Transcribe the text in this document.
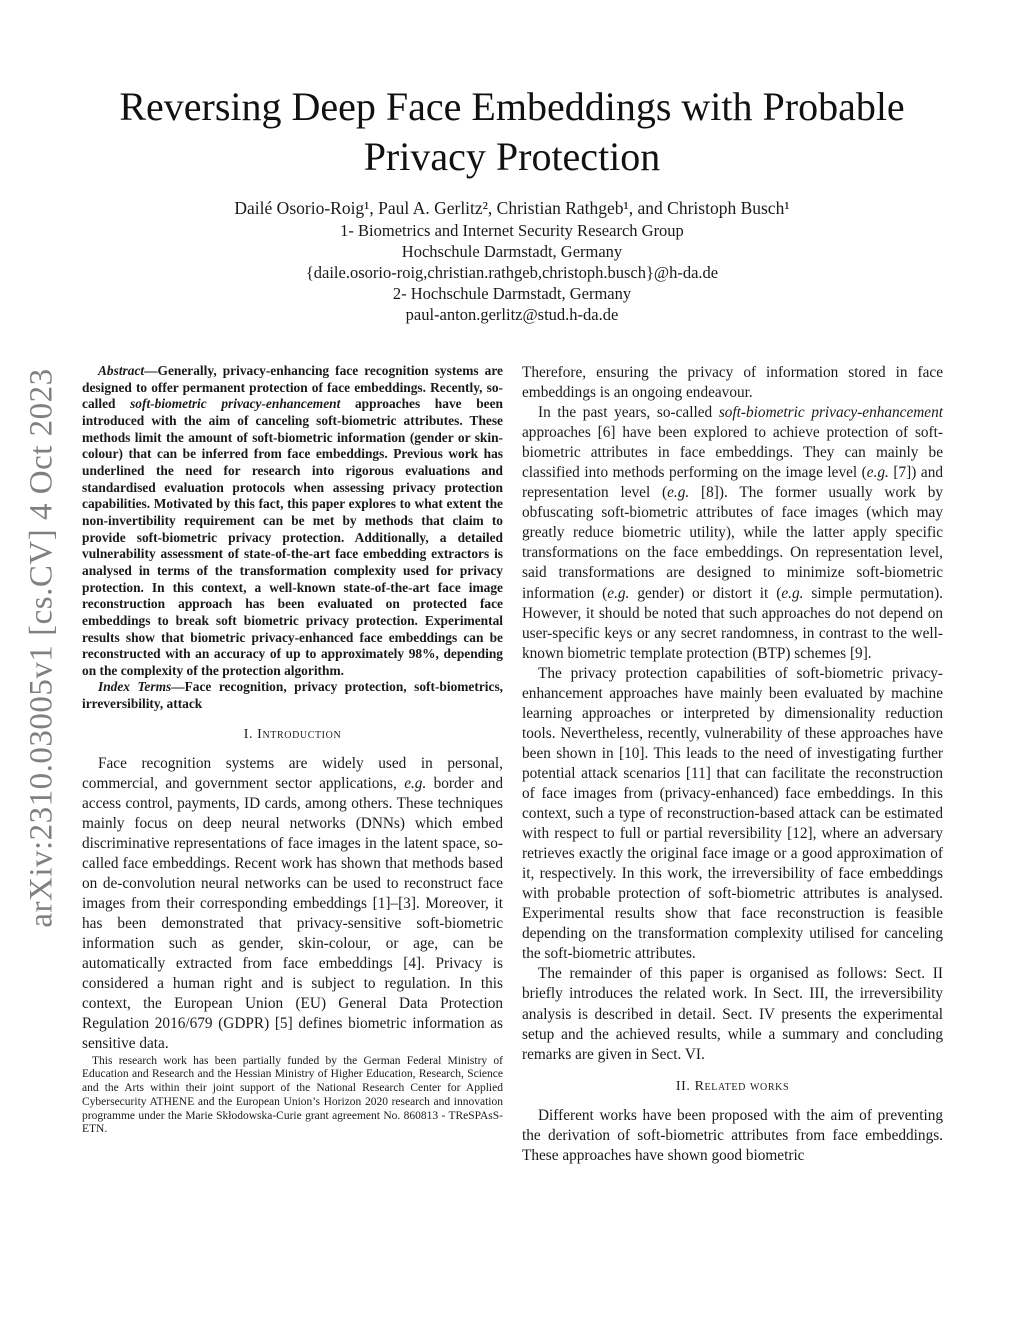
arXiv:2310.03005v1 [cs.CV] 4 Oct 2023
Reversing Deep Face Embeddings with Probable
Privacy Protection
Dailé Osorio-Roig¹, Paul A. Gerlitz², Christian Rathgeb¹, and Christoph Busch¹
1- Biometrics and Internet Security Research Group
Hochschule Darmstadt, Germany
{daile.osorio-roig,christian.rathgeb,christoph.busch}@h-da.de
2- Hochschule Darmstadt, Germany
paul-anton.gerlitz@stud.h-da.de

Abstract—Generally, privacy-enhancing face recognition systems are designed to offer permanent protection of face embeddings. Recently, so-called soft-biometric privacy-enhancement approaches have been introduced with the aim of canceling soft-biometric attributes. These methods limit the amount of soft-biometric information (gender or skin-colour) that can be inferred from face embeddings. Previous work has underlined the need for research into rigorous evaluations and standardised evaluation protocols when assessing privacy protection capabilities. Motivated by this fact, this paper explores to what extent the non-invertibility requirement can be met by methods that claim to provide soft-biometric privacy protection. Additionally, a detailed vulnerability assessment of state-of-the-art face embedding extractors is analysed in terms of the transformation complexity used for privacy protection. In this context, a well-known state-of-the-art face image reconstruction approach has been evaluated on protected face embeddings to break soft biometric privacy protection. Experimental results show that biometric privacy-enhanced face embeddings can be reconstructed with an accuracy of up to approximately 98%, depending on the complexity of the protection algorithm.

Index Terms—Face recognition, privacy protection, soft-biometrics, irreversibility, attack

I. Introduction

Face recognition systems are widely used in personal, commercial, and government sector applications, e.g. border and access control, payments, ID cards, among others. These techniques mainly focus on deep neural networks (DNNs) which embed discriminative representations of face images in the latent space, so-called face embeddings. Recent work has shown that methods based on de-convolution neural networks can be used to reconstruct face images from their corresponding embeddings [1]–[3]. Moreover, it has been demonstrated that privacy-sensitive soft-biometric information such as gender, skin-colour, or age, can be automatically extracted from face embeddings [4]. Privacy is considered a human right and is subject to regulation. In this context, the European Union (EU) General Data Protection Regulation 2016/679 (GDPR) [5] defines biometric information as sensitive data.

This research work has been partially funded by the German Federal Ministry of Education and Research and the Hessian Ministry of Higher Education, Research, Science and the Arts within their joint support of the National Research Center for Applied Cybersecurity ATHENE and the European Union’s Horizon 2020 research and innovation programme under the Marie Skłodowska-Curie grant agreement No. 860813 - TReSPAsS-ETN.

Therefore, ensuring the privacy of information stored in face embeddings is an ongoing endeavour.

In the past years, so-called soft-biometric privacy-enhancement approaches [6] have been explored to achieve protection of soft-biometric attributes in face embeddings. They can mainly be classified into methods performing on the image level (e.g. [7]) and representation level (e.g. [8]). The former usually work by obfuscating soft-biometric attributes of face images (which may greatly reduce biometric utility), while the latter apply specific transformations on the face embeddings. On representation level, said transformations are designed to minimize soft-biometric information (e.g. gender) or distort it (e.g. simple permutation). However, it should be noted that such approaches do not depend on user-specific keys or any secret randomness, in contrast to the well-known biometric template protection (BTP) schemes [9].

The privacy protection capabilities of soft-biometric privacy-enhancement approaches have mainly been evaluated by machine learning approaches or interpreted by dimensionality reduction tools. Nevertheless, recently, vulnerability of these approaches have been shown in [10]. This leads to the need of investigating further potential attack scenarios [11] that can facilitate the reconstruction of face images from (privacy-enhanced) face embeddings. In this context, such a type of reconstruction-based attack can be estimated with respect to full or partial reversibility [12], where an adversary retrieves exactly the original face image or a good approximation of it, respectively. In this work, the irreversibility of face embeddings with probable protection of soft-biometric attributes is analysed. Experimental results show that face reconstruction is feasible depending on the transformation complexity utilised for canceling the soft-biometric attributes.

The remainder of this paper is organised as follows: Sect. II briefly introduces the related work. In Sect. III, the irreversibility analysis is described in detail. Sect. IV presents the experimental setup and the achieved results, while a summary and concluding remarks are given in Sect. VI.

II. Related works

Different works have been proposed with the aim of preventing the derivation of soft-biometric attributes from face embeddings. These approaches have shown good biometric
